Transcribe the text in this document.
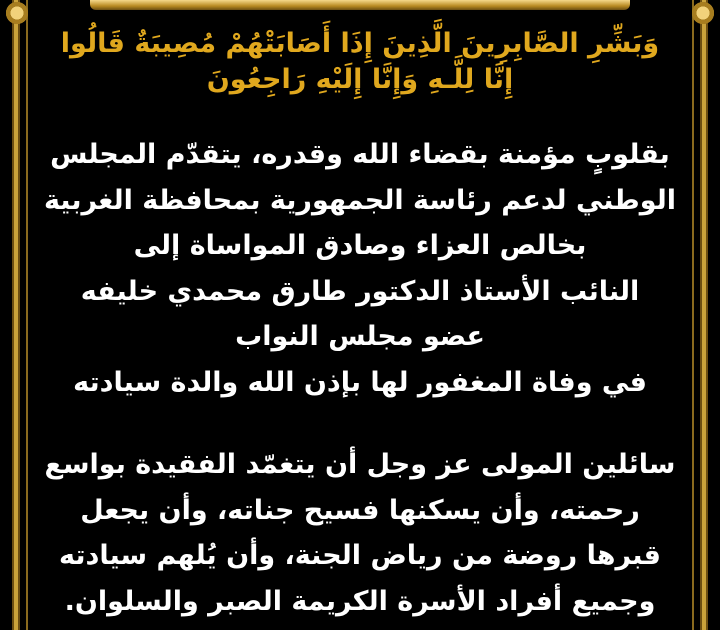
وَبَشِّرِ الصَّابِرِينَ الَّذِينَ إِذَا أَصَابَتْهُمْ مُصِيبَةٌ قَالُوا
إِنَّا لِلَّـهِ وَإِنَّا إِلَيْهِ رَاجِعُونَ
بقلوبٍ مؤمنة بقضاء الله وقدره، يتقدّم المجلس
الوطني لدعم رئاسة الجمهورية بمحافظة الغربية
بخالص العزاء وصادق المواساة إلى
النائب الأستاذ الدكتور طارق محمدي خليفه
عضو مجلس النواب
في وفاة المغفور لها بإذن الله والدة سيادته
سائلين المولى عز وجل أن يتغمّد الفقيدة بواسع
رحمته، وأن يسكنها فسيح جناته، وأن يجعل
قبرها روضة من رياض الجنة، وأن يُلهم سيادته
وجميع أفراد الأسرة الكريمة الصبر والسلوان.
